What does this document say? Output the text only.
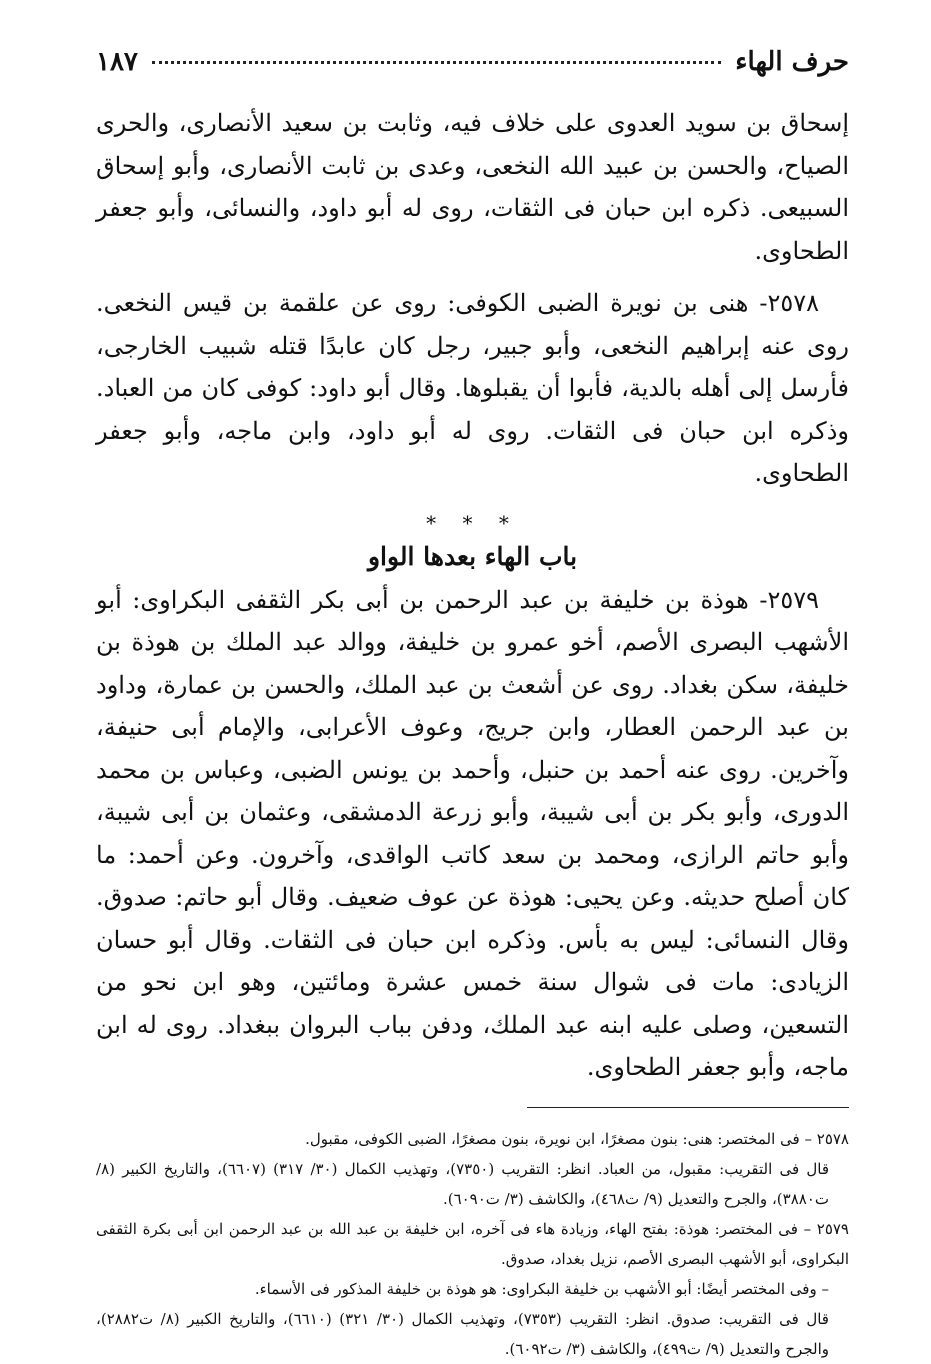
حرف الهاء
١٨٧

إسحاق بن سويد العدوى على خلاف فيه، وثابت بن سعيد الأنصارى، والحرى الصياح، والحسن بن عبيد الله النخعى، وعدى بن ثابت الأنصارى، وأبو إسحاق السبيعى. ذكره ابن حبان فى الثقات، روى له أبو داود، والنسائى، وأبو جعفر الطحاوى.

٢٥٧٨- هنى بن نويرة الضبى الكوفى: روى عن علقمة بن قيس النخعى. روى عنه إبراهيم النخعى، وأبو جبير، رجل كان عابدًا قتله شبيب الخارجى، فأرسل إلى أهله بالدية، فأبوا أن يقبلوها. وقال أبو داود: كوفى كان من العباد. وذكره ابن حبان فى الثقات. روى له أبو داود، وابن ماجه، وأبو جعفر الطحاوى.

* * *
باب الهاء بعدها الواو

٢٥٧٩- هوذة بن خليفة بن عبد الرحمن بن أبى بكر الثقفى البكراوى: أبو الأشهب البصرى الأصم، أخو عمرو بن خليفة، ووالد عبد الملك بن هوذة بن خليفة، سكن بغداد. روى عن أشعث بن عبد الملك، والحسن بن عمارة، وداود بن عبد الرحمن العطار، وابن جريج، وعوف الأعرابى، والإمام أبى حنيفة، وآخرين. روى عنه أحمد بن حنبل، وأحمد بن يونس الضبى، وعباس بن محمد الدورى، وأبو بكر بن أبى شيبة، وأبو زرعة الدمشقى، وعثمان بن أبى شيبة، وأبو حاتم الرازى، ومحمد بن سعد كاتب الواقدى، وآخرون. وعن أحمد: ما كان أصلح حديثه. وعن يحيى: هوذة عن عوف ضعيف. وقال أبو حاتم: صدوق. وقال النسائى: ليس به بأس. وذكره ابن حبان فى الثقات. وقال أبو حسان الزيادى: مات فى شوال سنة خمس عشرة ومائتين، وهو ابن نحو من التسعين، وصلى عليه ابنه عبد الملك، ودفن بباب البروان ببغداد. روى له ابن ماجه، وأبو جعفر الطحاوى.

٢٥٧٨ – فى المختصر: هنى: بنون مصغرًا، ابن نويرة، بنون مصغرًا، الضبى الكوفى، مقبول.

قال فى التقريب: مقبول، من العباد. انظر: التقريب (٧٣٥٠)، وتهذيب الكمال (٣٠/ ٣١٧) (٦٦٠٧)، والتاريخ الكبير (٨/ ت٣٨٨٠)، والجرح والتعديل (٩/ ت٤٦٨)، والكاشف (٣/ ت٦٠٩٠).

٢٥٧٩ – فى المختصر: هوذة: بفتح الهاء، وزيادة هاء فى آخره، ابن خليفة بن عبد الله بن عبد الرحمن ابن أبى بكرة الثقفى البكراوى، أبو الأشهب البصرى الأصم، نزيل بغداد، صدوق.

– وفى المختصر أيضًا: أبو الأشهب بن خليفة البكراوى: هو هوذة بن خليفة المذكور فى الأسماء.

قال فى التقريب: صدوق. انظر: التقريب (٧٣٥٣)، وتهذيب الكمال (٣٠/ ٣٢١) (٦٦١٠)، والتاريخ الكبير (٨/ ت٢٨٨٢)، والجرح والتعديل (٩/ ت٤٩٩)، والكاشف (٣/ ت٦٠٩٢).
